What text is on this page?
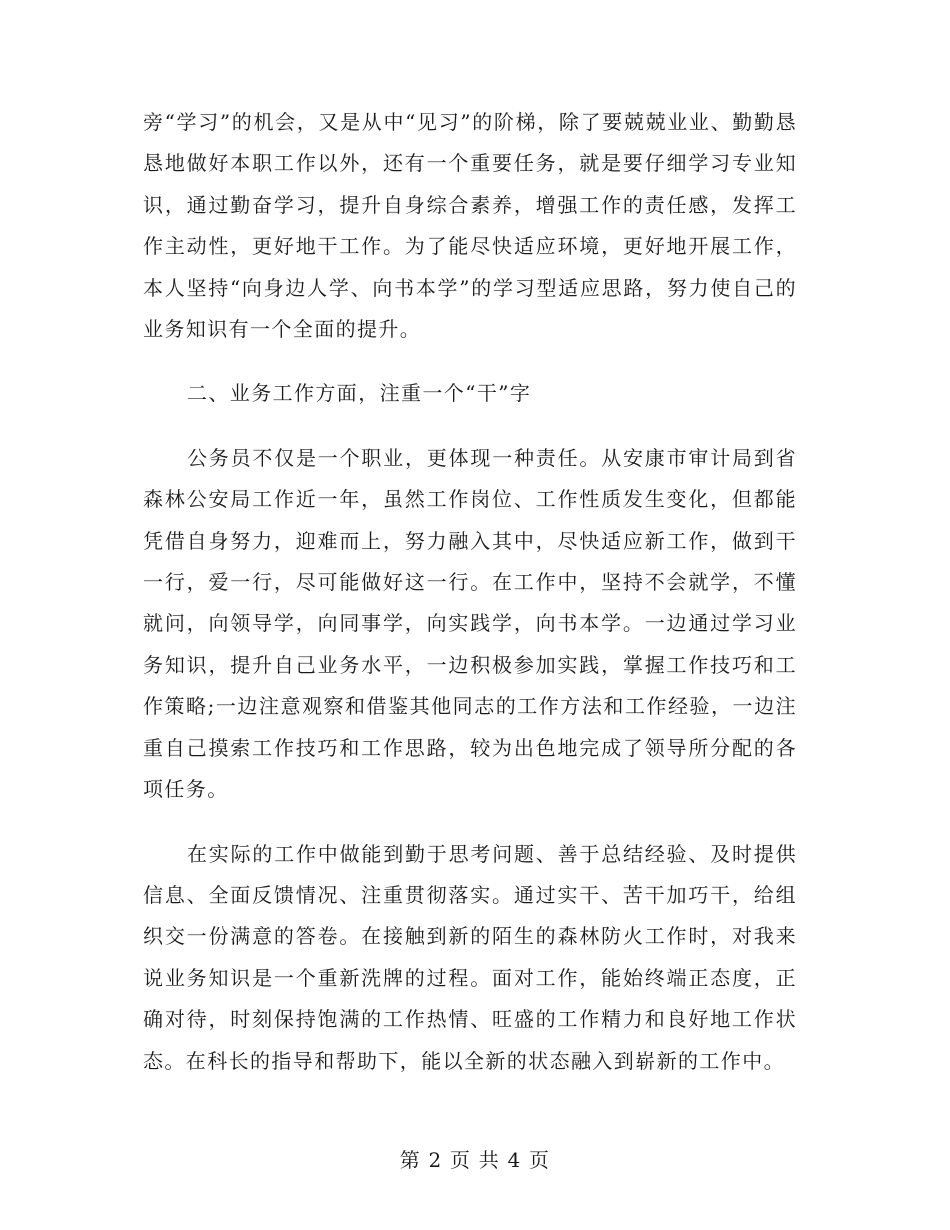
旁“学习”的机会，又是从中“见习”的阶梯，除了要兢兢业业、勤勤恳恳地做好本职工作以外，还有一个重要任务，就是要仔细学习专业知识，通过勤奋学习，提升自身综合素养，增强工作的责任感，发挥工作主动性，更好地干工作。为了能尽快适应环境，更好地开展工作，本人坚持“向身边人学、向书本学”的学习型适应思路，努力使自己的业务知识有一个全面的提升。

二、业务工作方面，注重一个“干”字

公务员不仅是一个职业，更体现一种责任。从安康市审计局到省森林公安局工作近一年，虽然工作岗位、工作性质发生变化，但都能凭借自身努力，迎难而上，努力融入其中，尽快适应新工作，做到干一行，爱一行，尽可能做好这一行。在工作中，坚持不会就学，不懂就问，向领导学，向同事学，向实践学，向书本学。一边通过学习业务知识，提升自己业务水平，一边积极参加实践，掌握工作技巧和工作策略;一边注意观察和借鉴其他同志的工作方法和工作经验，一边注重自己摸索工作技巧和工作思路，较为出色地完成了领导所分配的各项任务。

在实际的工作中做能到勤于思考问题、善于总结经验、及时提供信息、全面反馈情况、注重贯彻落实。通过实干、苦干加巧干，给组织交一份满意的答卷。在接触到新的陌生的森林防火工作时，对我来说业务知识是一个重新洗牌的过程。面对工作，能始终端正态度，正确对待，时刻保持饱满的工作热情、旺盛的工作精力和良好地工作状态。在科长的指导和帮助下，能以全新的状态融入到崭新的工作中。

第 2 页 共 4 页
